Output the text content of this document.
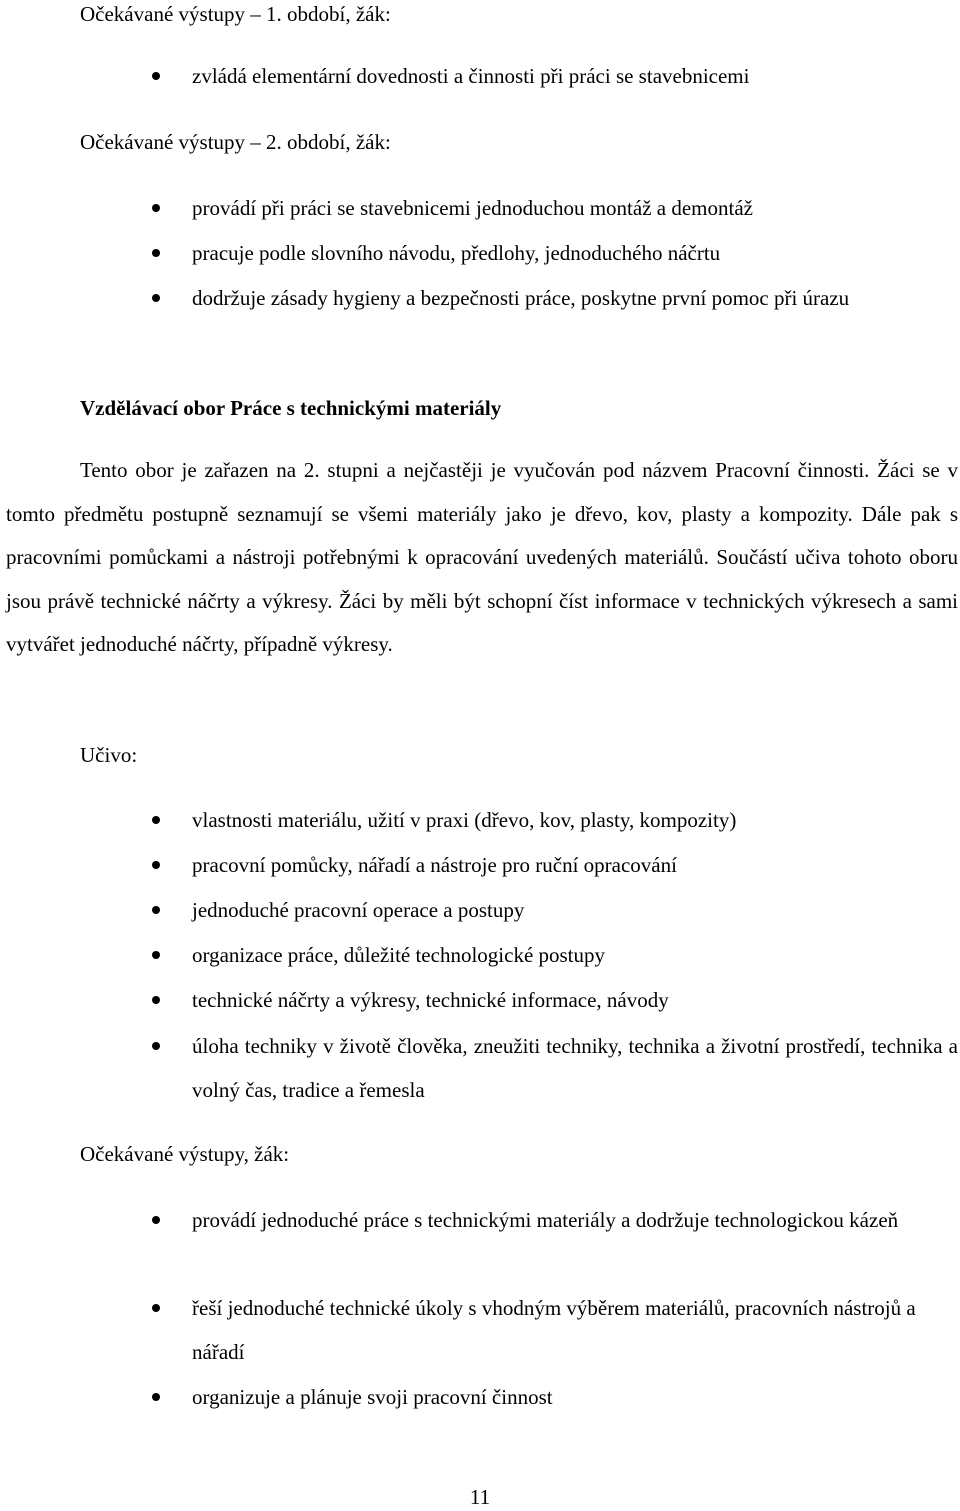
Očekávané výstupy – 1. období, žák:
zvládá elementární dovednosti a činnosti při práci se stavebnicemi
Očekávané výstupy – 2. období, žák:
provádí při práci se stavebnicemi jednoduchou montáž a demontáž
pracuje podle slovního návodu, předlohy, jednoduchého náčrtu
dodržuje zásady hygieny a bezpečnosti práce, poskytne první pomoc při úrazu
Vzdělávací obor Práce s technickými materiály
Tento obor je zařazen na 2. stupni a nejčastěji je vyučován pod názvem Pracovní činnosti. Žáci se v tomto předmětu postupně seznamují se všemi materiály jako je dřevo, kov, plasty a kompozity. Dále pak s pracovními pomůckami a nástroji potřebnými k opracování uvedených materiálů. Součástí učiva tohoto oboru jsou právě technické náčrty a výkresy. Žáci by měli být schopní číst informace v technických výkresech a sami vytvářet jednoduché náčrty, případně výkresy.
Učivo:
vlastnosti materiálu, užití v praxi (dřevo, kov, plasty, kompozity)
pracovní pomůcky, nářadí a nástroje pro ruční opracování
jednoduché pracovní operace a postupy
organizace práce, důležité technologické postupy
technické náčrty a výkresy, technické informace, návody
úloha techniky v životě člověka, zneužiti techniky, technika a životní prostředí, technika a volný čas, tradice a řemesla
Očekávané výstupy, žák:
provádí jednoduché práce s technickými materiály a dodržuje technologickou kázeň
řeší jednoduché technické úkoly s vhodným výběrem materiálů, pracovních nástrojů a nářadí
organizuje a plánuje svoji pracovní činnost
11
